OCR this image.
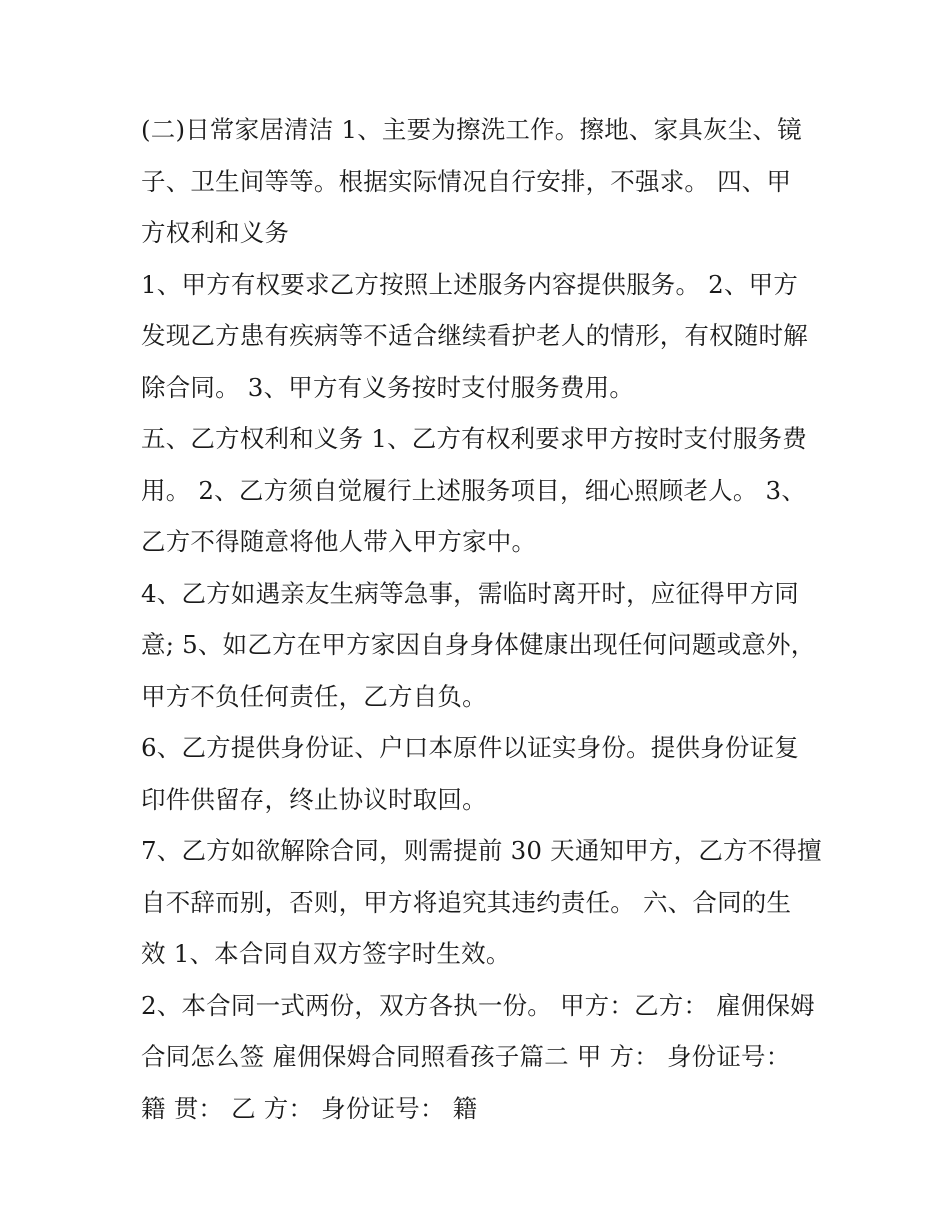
(二)日常家居清洁 1、主要为擦洗工作。擦地、家具灰尘、镜
子、卫生间等等。根据实际情况自行安排，不强求。 四、甲
方权利和义务

1、甲方有权要求乙方按照上述服务内容提供服务。 2、甲方
发现乙方患有疾病等不适合继续看护老人的情形，有权随时解
除合同。 3、甲方有义务按时支付服务费用。

五、乙方权利和义务 1、乙方有权利要求甲方按时支付服务费
用。 2、乙方须自觉履行上述服务项目，细心照顾老人。 3、
乙方不得随意将他人带入甲方家中。

4、乙方如遇亲友生病等急事，需临时离开时，应征得甲方同
意; 5、如乙方在甲方家因自身身体健康出现任何问题或意外，
甲方不负任何责任，乙方自负。

6、乙方提供身份证、户口本原件以证实身份。提供身份证复
印件供留存，终止协议时取回。

7、乙方如欲解除合同，则需提前 30 天通知甲方，乙方不得擅
自不辞而别，否则，甲方将追究其违约责任。 六、合同的生
效 1、本合同自双方签字时生效。

2、本合同一式两份，双方各执一份。 甲方：乙方： 雇佣保姆
合同怎么签 雇佣保姆合同照看孩子篇二 甲 方： 身份证号：
籍 贯： 乙 方： 身份证号： 籍
